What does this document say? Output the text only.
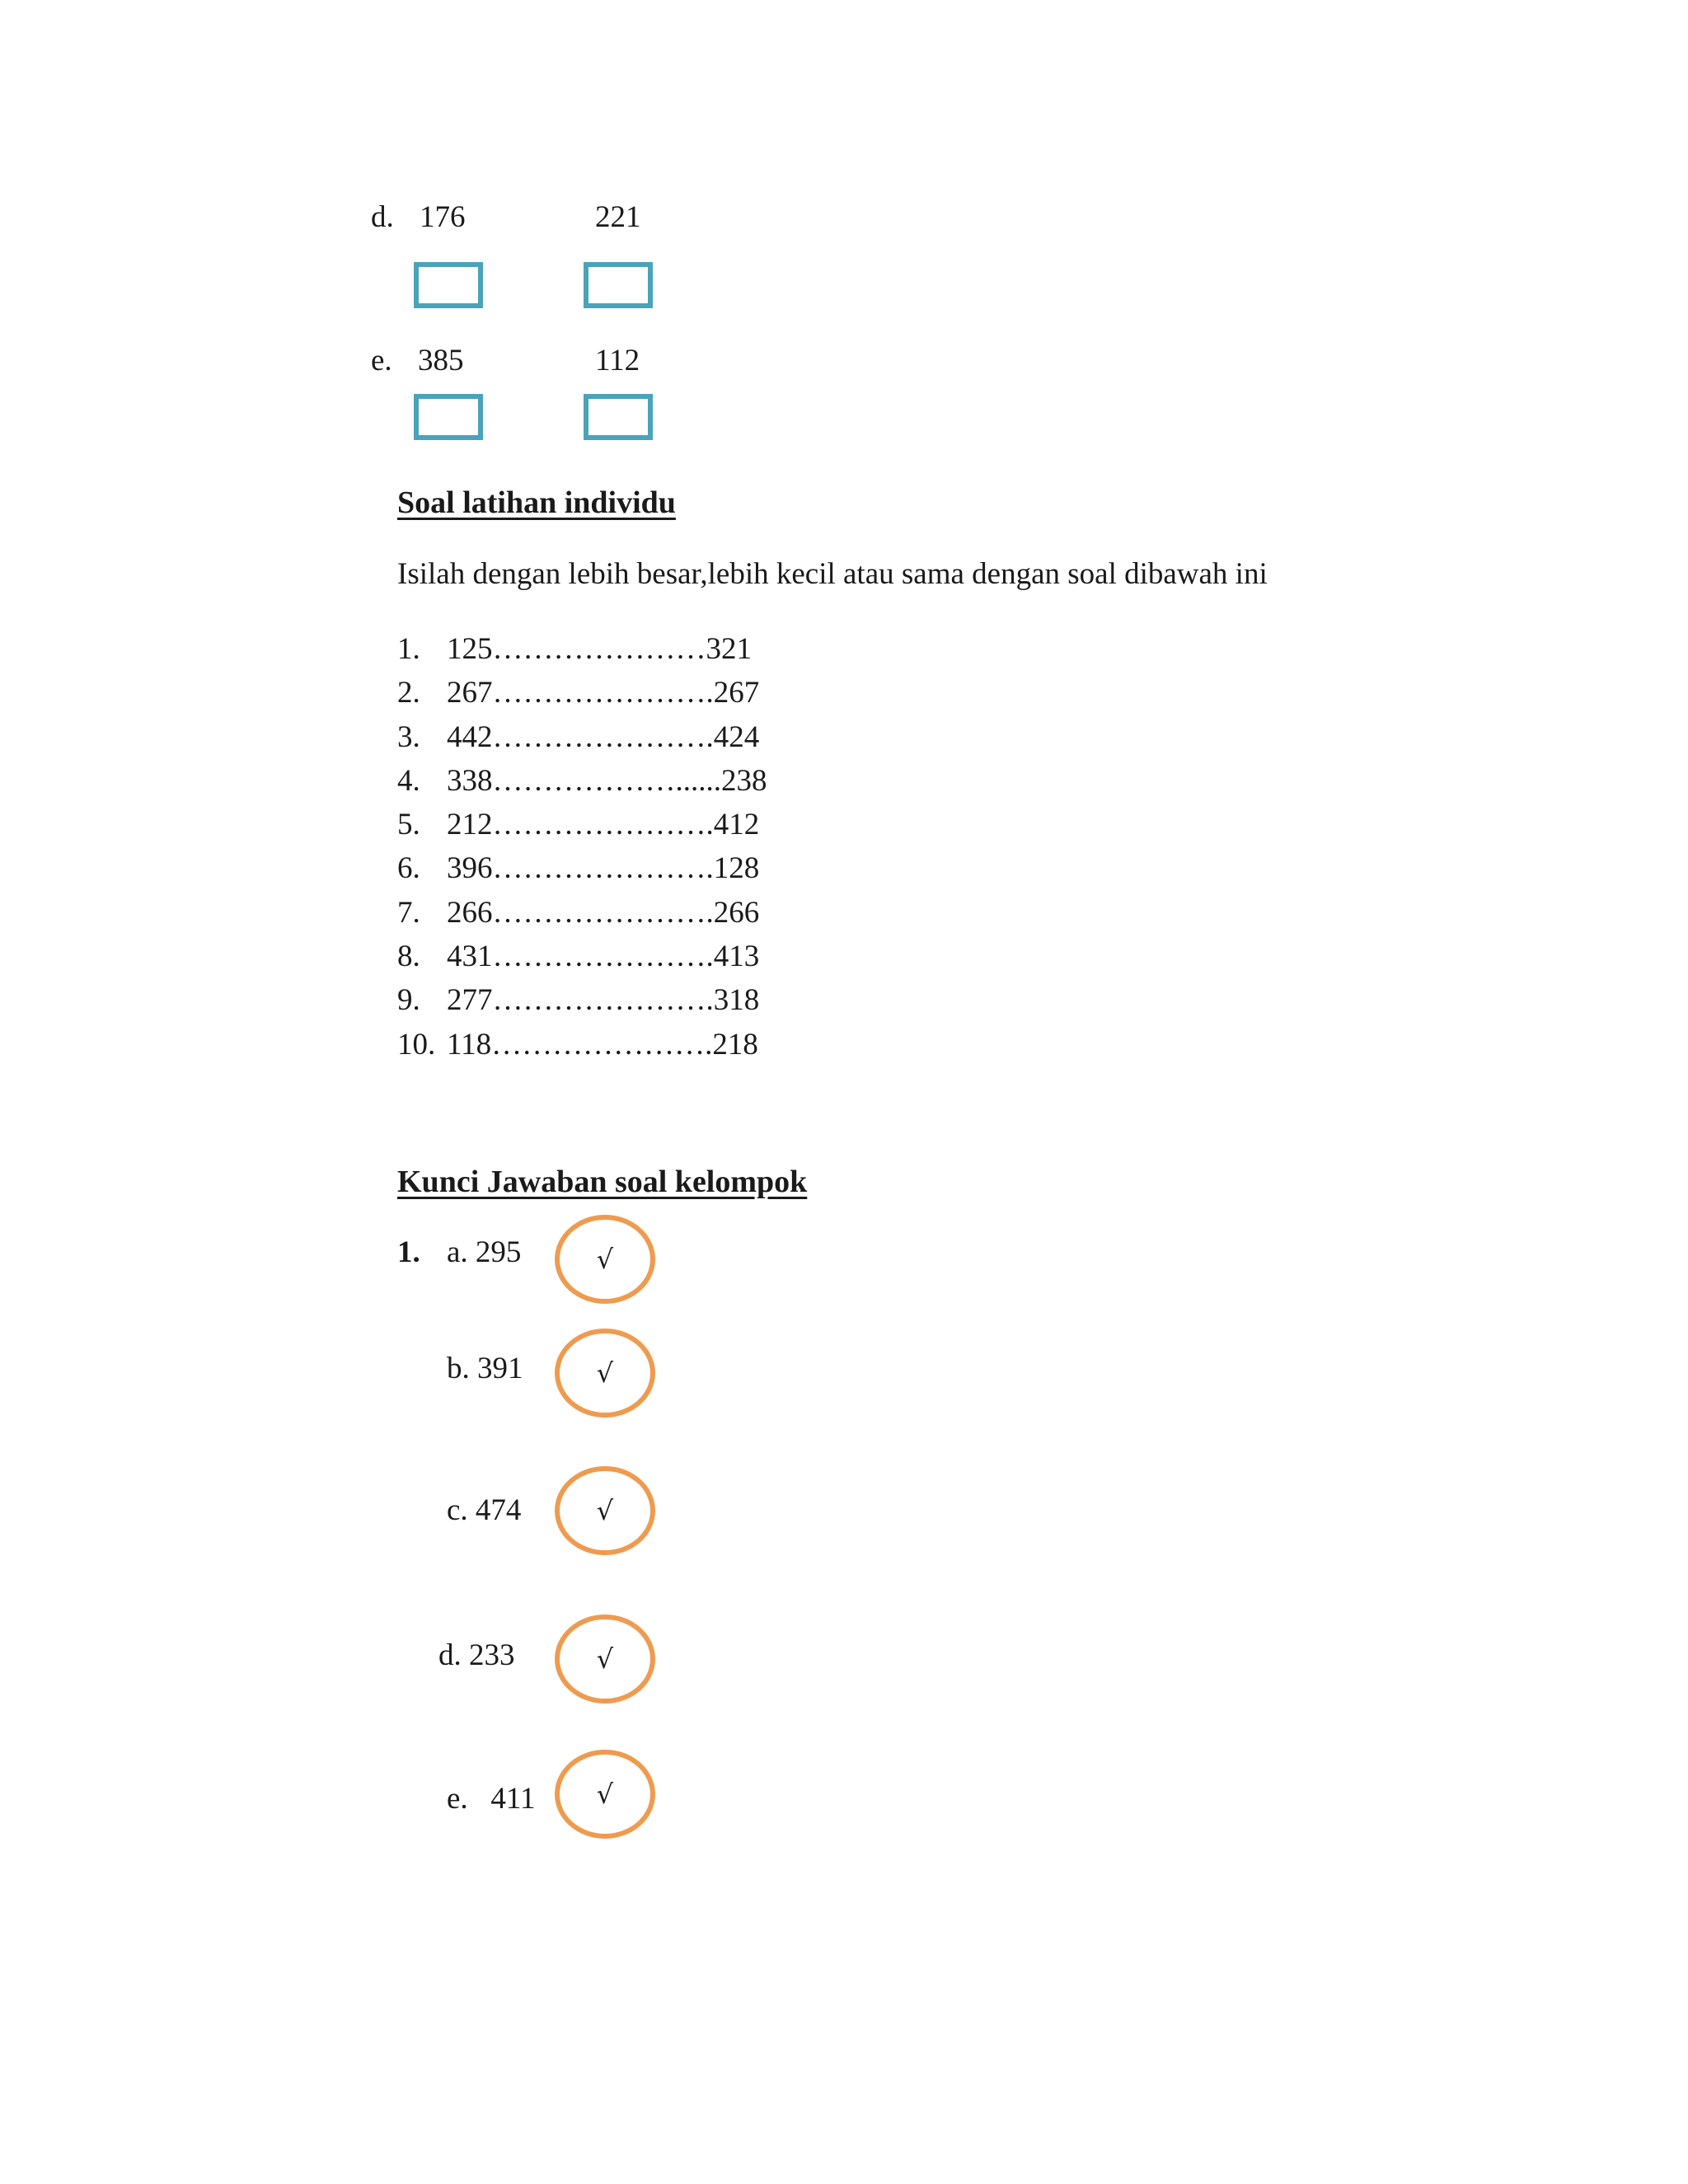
d. 176	221
e. 385	112
Soal latihan individu
Isilah dengan lebih besar,lebih kecil atau sama dengan soal dibawah ini
1. 125…………………321
2. 267………………….267
3. 442………………….424
4. 338………………......238
5. 212………………….412
6. 396………………….128
7. 266………………….266
8. 431………………….413
9. 277………………….318
10. 118………………….218
Kunci Jawaban soal kelompok
1. a. 295	√
b. 391	√
c. 474	√
d. 233	√
e.   411 √
